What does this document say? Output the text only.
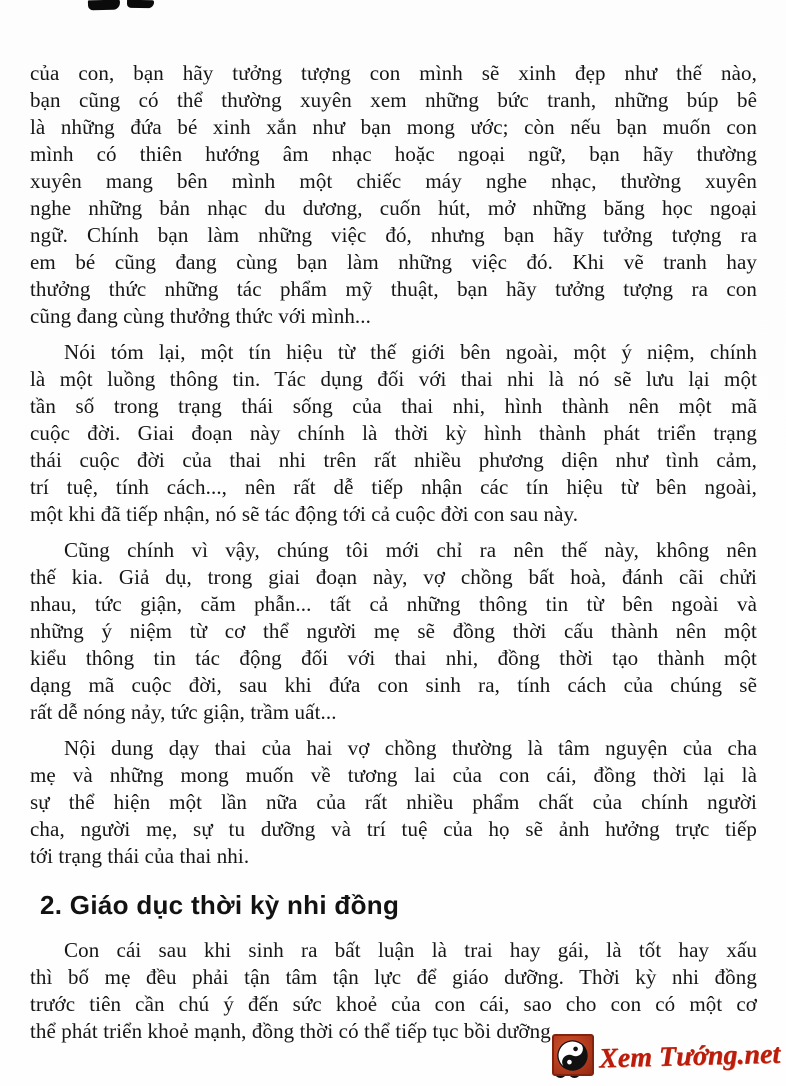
của con, bạn hãy tưởng tượng con mình sẽ xinh đẹp như thế nào,
bạn cũng có thể thường xuyên xem những bức tranh, những búp bê
là những đứa bé xinh xắn như bạn mong ước; còn nếu bạn muốn con
mình có thiên hướng âm nhạc hoặc ngoại ngữ, bạn hãy thường
xuyên mang bên mình một chiếc máy nghe nhạc, thường xuyên
nghe những bản nhạc du dương, cuốn hút, mở những băng học ngoại
ngữ. Chính bạn làm những việc đó, nhưng bạn hãy tưởng tượng ra
em bé cũng đang cùng bạn làm những việc đó. Khi vẽ tranh hay
thưởng thức những tác phẩm mỹ thuật, bạn hãy tưởng tượng ra con
cũng đang cùng thưởng thức với mình...

Nói tóm lại, một tín hiệu từ thế giới bên ngoài, một ý niệm, chính
là một luồng thông tin. Tác dụng đối với thai nhi là nó sẽ lưu lại một
tần số trong trạng thái sống của thai nhi, hình thành nên một mã
cuộc đời. Giai đoạn này chính là thời kỳ hình thành phát triển trạng
thái cuộc đời của thai nhi trên rất nhiều phương diện như tình cảm,
trí tuệ, tính cách..., nên rất dễ tiếp nhận các tín hiệu từ bên ngoài,
một khi đã tiếp nhận, nó sẽ tác động tới cả cuộc đời con sau này.

Cũng chính vì vậy, chúng tôi mới chỉ ra nên thế này, không nên
thế kia. Giả dụ, trong giai đoạn này, vợ chồng bất hoà, đánh cãi chửi
nhau, tức giận, căm phẫn... tất cả những thông tin từ bên ngoài và
những ý niệm từ cơ thể người mẹ sẽ đồng thời cấu thành nên một
kiểu thông tin tác động đối với thai nhi, đồng thời tạo thành một
dạng mã cuộc đời, sau khi đứa con sinh ra, tính cách của chúng sẽ
rất dễ nóng nảy, tức giận, trầm uất...

Nội dung dạy thai của hai vợ chồng thường là tâm nguyện của cha
mẹ và những mong muốn về tương lai của con cái, đồng thời lại là
sự thể hiện một lần nữa của rất nhiều phẩm chất của chính người
cha, người mẹ, sự tu dưỡng và trí tuệ của họ sẽ ảnh hưởng trực tiếp
tới trạng thái của thai nhi.

2. Giáo dục thời kỳ nhi đồng

Con cái sau khi sinh ra bất luận là trai hay gái, là tốt hay xấu
thì bố mẹ đều phải tận tâm tận lực để giáo dưỡng. Thời kỳ nhi đồng
trước tiên cần chú ý đến sức khoẻ của con cái, sao cho con có một cơ
thể phát triển khoẻ mạnh, đồng thời có thể tiếp tục bồi dưỡng

Xem Tướng.net
